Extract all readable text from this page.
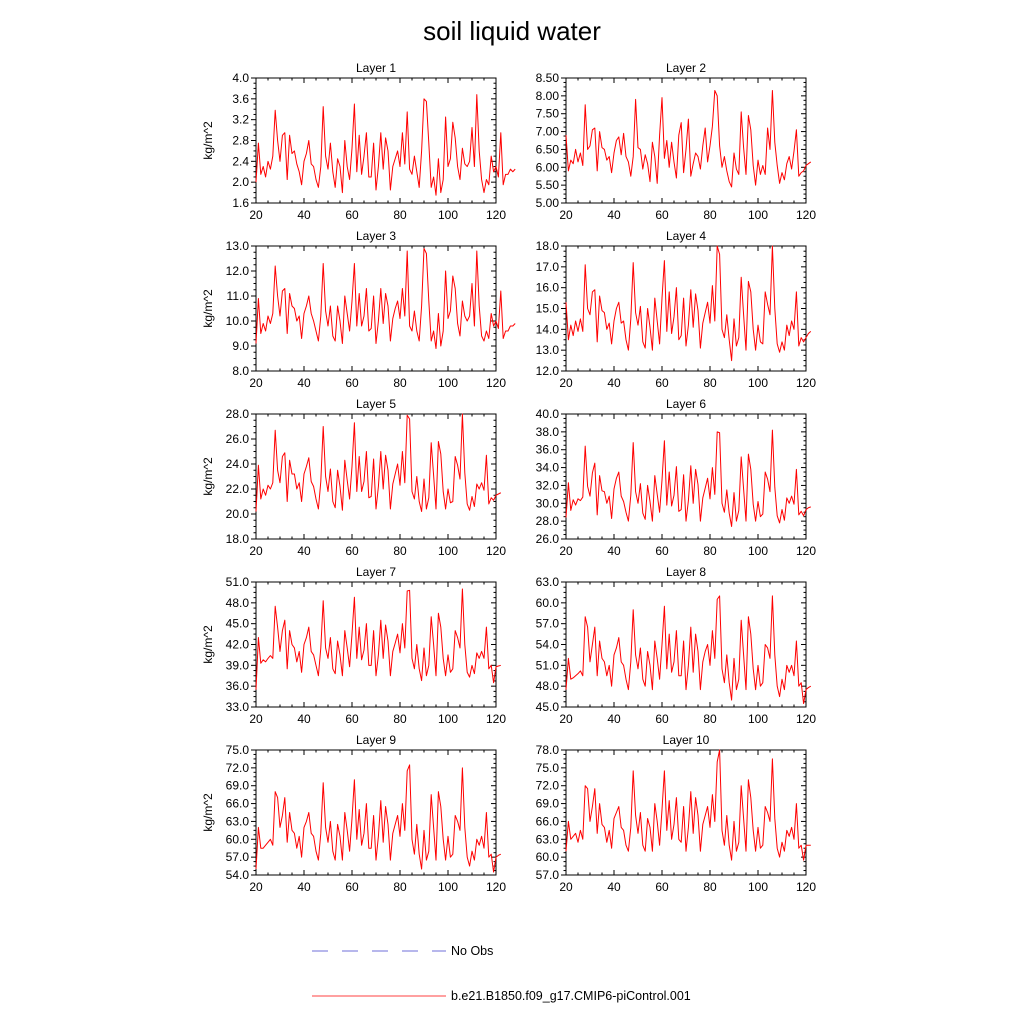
soil liquid water
Layer 1
20	40	60	80	100 120
1.6
2.0
2.4
2.8
3.2
3.6
4.0
kg/m^2
Layer 2
20	40	60	80	100 120
5.00
5.50
6.00
6.50
7.00
7.50
8.00
8.50
Layer 3
20	40	60	80	100 120
8.0
9.0
10.0
11.0
12.0
13.0
kg/m^2
Layer 4
20	40	60	80	100 120
12.0
13.0
14.0
15.0
16.0
17.0
18.0
Layer 5
20	40	60	80	100 120
18.0
20.0
22.0
24.0
26.0
28.0
kg/m^2
Layer 6
20	40	60	80	100 120
26.0
28.0
30.0
32.0
34.0
36.0
38.0
40.0
Layer 7
20	40	60	80	100 120
33.0
36.0
39.0
42.0
45.0
48.0
51.0
kg/m^2
Layer 8
20	40	60	80	100 120
45.0
48.0
51.0
54.0
57.0
60.0
63.0
Layer 9
20	40	60	80	100 120
54.0
57.0
60.0
63.0
66.0
69.0
72.0
75.0
kg/m^2
Layer 10
20	40	60	80	100 120
57.0
60.0
63.0
66.0
69.0
72.0
75.0
78.0
No Obs
b.e21.B1850.f09_g17.CMIP6-piControl.001
